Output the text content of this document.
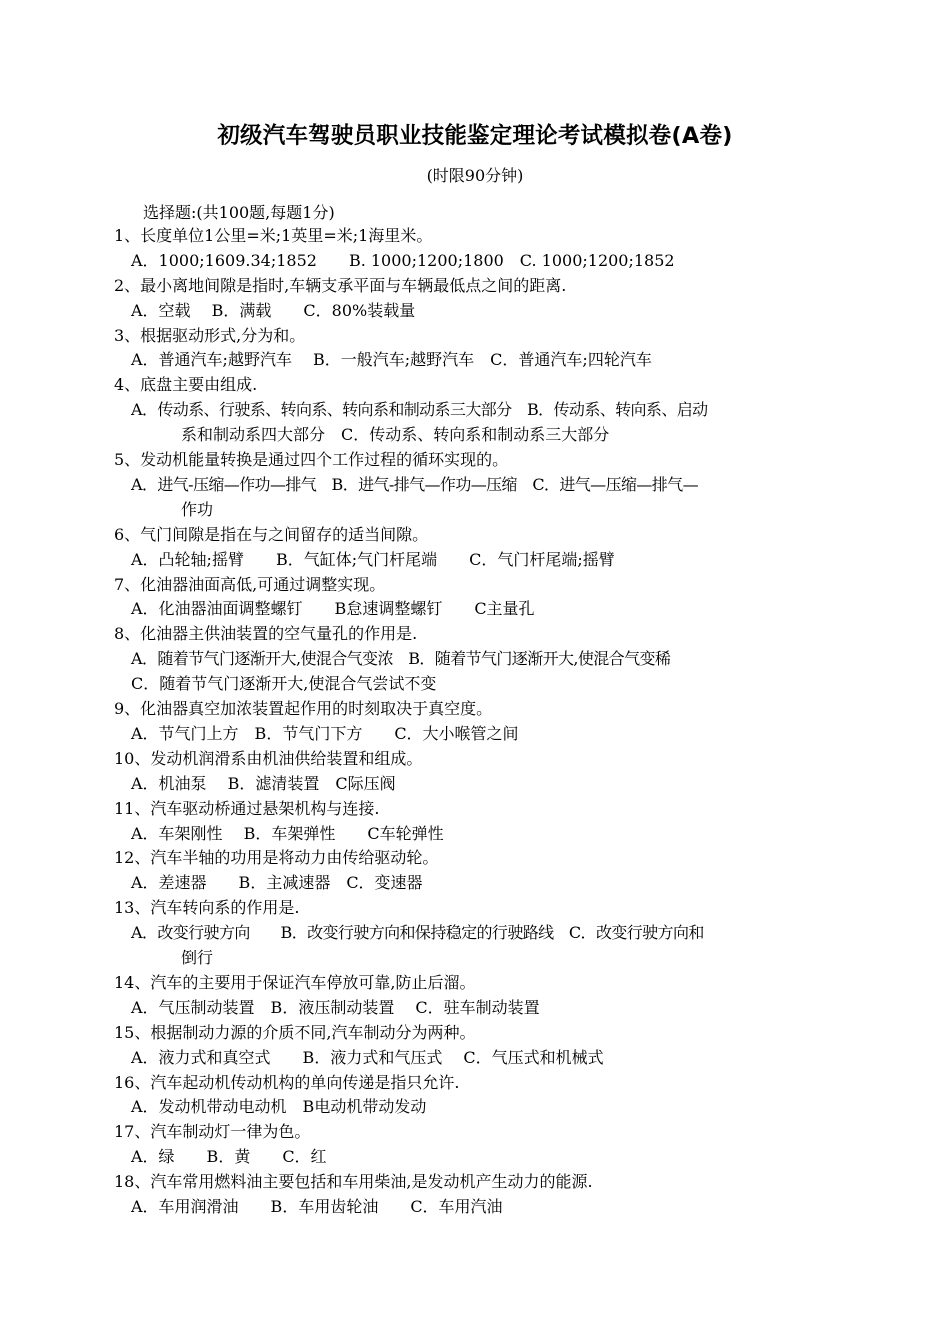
初级汽车驾驶员职业技能鉴定理论考试模拟卷(A卷)
(时限90分钟)
选择题:(共100题,每题1分)
1、长度单位1公里=米;1英里=米;1海里米。
A．1000;1609.34;1852　　B. 1000;1200;1800　C. 1000;1200;1852
2、最小离地间隙是指时,车辆支承平面与车辆最低点之间的距离.
A．空载　 B．满载　　C．80%装载量
3、根据驱动形式,分为和。
A．普通汽车;越野汽车　 B．一般汽车;越野汽车　C．普通汽车;四轮汽车
4、底盘主要由组成.
A．传动系、行驶系、转向系、转向系和制动系三大部分　B．传动系、转向系、启动
系和制动系四大部分　C．传动系、转向系和制动系三大部分
5、发动机能量转换是通过四个工作过程的循环实现的。
A．进气-压缩—作功—排气　B．进气-排气—作功—压缩　C．进气—压缩—排气—
作功
6、气门间隙是指在与之间留存的适当间隙。
A．凸轮轴;摇臂　　B．气缸体;气门杆尾端　　C．气门杆尾端;摇臂
7、化油器油面高低,可通过调整实现。
A．化油器油面调整螺钉　　B怠速调整螺钉　　C主量孔
8、化油器主供油装置的空气量孔的作用是.
A．随着节气门逐渐开大,使混合气变浓　B．随着节气门逐渐开大,使混合气变稀
C．随着节气门逐渐开大,使混合气尝试不变
9、化油器真空加浓装置起作用的时刻取决于真空度。
A．节气门上方　B．节气门下方　　C．大小喉管之间
10、发动机润滑系由机油供给装置和组成。
A．机油泵　 B．滤清装置　C际压阀
11、汽车驱动桥通过悬架机构与连接.
A．车架刚性　 B．车架弹性　　C车轮弹性
12、汽车半轴的功用是将动力由传给驱动轮。
A．差速器　　B．主减速器　C．变速器
13、汽车转向系的作用是.
A．改变行驶方向　　B．改变行驶方向和保持稳定的行驶路线　C．改变行驶方向和
倒行
14、汽车的主要用于保证汽车停放可靠,防止后溜。
A．气压制动装置　B．液压制动装置　 C．驻车制动装置
15、根据制动力源的介质不同,汽车制动分为两种。
A．液力式和真空式　　B．液力式和气压式　 C．气压式和机械式
16、汽车起动机传动机构的单向传递是指只允许.
A．发动机带动电动机　B电动机带动发动
17、汽车制动灯一律为色。
A．绿　　B．黄　　C．红
18、汽车常用燃料油主要包括和车用柴油,是发动机产生动力的能源.
A．车用润滑油　　B．车用齿轮油　　C．车用汽油
